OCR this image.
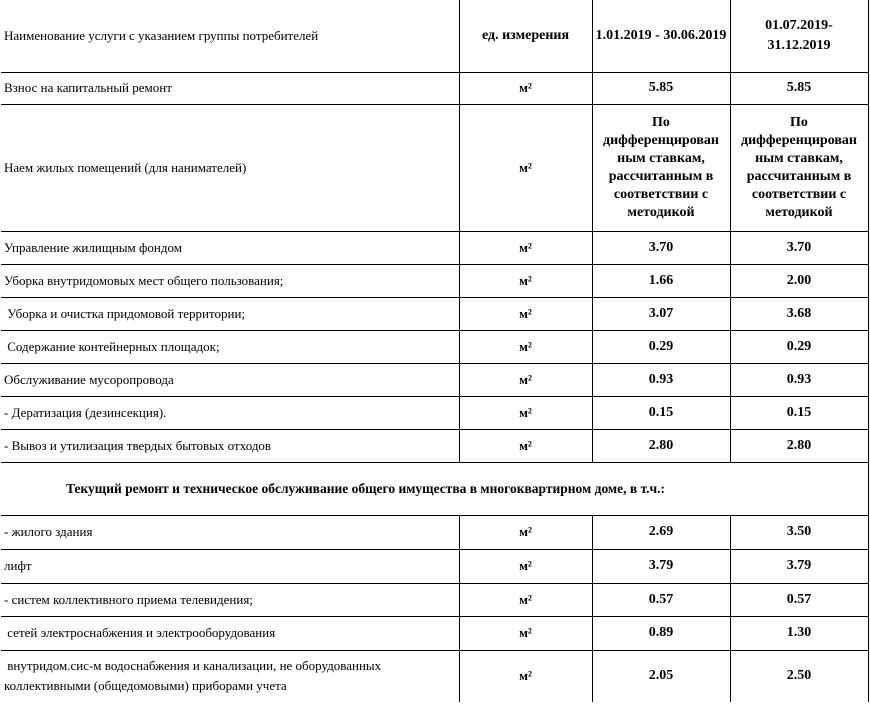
Наименование услуги с указанием группы потребителей	ед. измерения	1.01.2019 - 30.06.2019	01.07.2019- 31.12.2019
Взнос на капитальный ремонт	м²	5.85	5.85
Наем жилых помещений (для нанимателей)	м²	По дифференцирован ным ставкам, рассчитанным в соответствии с методикой	По дифференцирован ным ставкам, рассчитанным в соответствии с методикой
Управление жилищным фондом	м²	3.70	3.70
Уборка внутридомовых мест общего пользования;	м²	1.66	2.00
Уборка и очистка придомовой территории;	м²	3.07	3.68
Содержание контейнерных площадок;	м²	0.29	0.29
Обслуживание мусоропровода	м²	0.93	0.93
- Дератизация (дезинсекция).	м²	0.15	0.15
- Вывоз и утилизация твердых бытовых отходов	м²	2.80	2.80
Текущий ремонт и техническое обслуживание общего имущества в многоквартирном доме, в т.ч.:			
- жилого здания	м²	2.69	3.50
лифт	м²	3.79	3.79
- систем коллективного приема телевидения;	м²	0.57	0.57
сетей электроснабжения и электрооборудования	м²	0.89	1.30
внутридом.сис-м водоснабжения и канализации, не оборудованных коллективными (общедомовыми) приборами учета	м²	2.05	2.50
